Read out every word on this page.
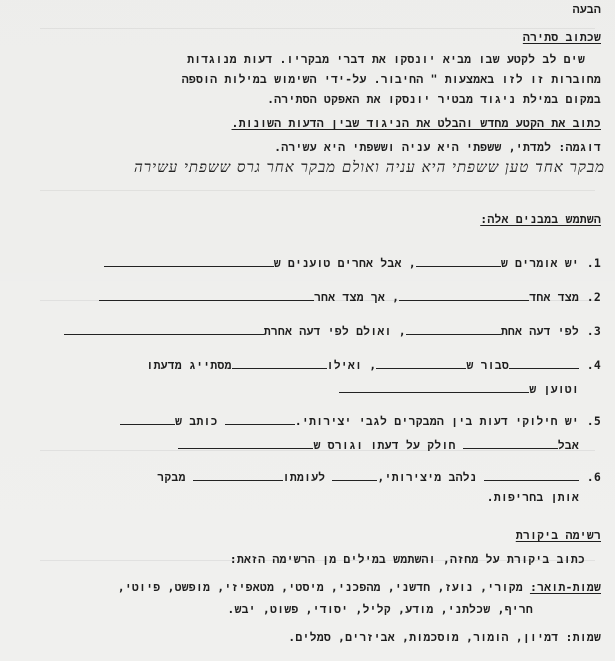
הבעה
שכתוב סתירה
שים לב לקטע שבו מביא יונסקו את דברי מבקריו. דעות מנוגדות
מחוברות זו לזו באמצעות " החיבור. על-ידי השימוש במילות הוספה
במקום במילת ניגוד מבטיר יונסקו את האפקט הסתירה.
כתוב את הקטע מחדש והבלט את הניגוד שבין הדעות השונות.
דוגמה: למדתי, ששפתי היא עניה וששפתי היא עשירה.
מבקר אחד טען ששפתי היא עניה ואולם מבקר אחר גרס ששפתי עשירה
השתמש במבנים אלה:
1.יש אומרים ש, אבל אחרים טוענים ש
2.מצד אחד, אך מצד אחר
3.לפי דעה אחת, ואולם לפי דעה אחרת
4.סבור ש, ואילומסתייג מדעתו
וטוען ש
5.יש חילוקי דעות בין המבקרים לגבי יצירותי. כותב ש
אבל חולק על דעתו וגורס ש
6. נלהב מיצירותי, לעומתו מבקר
אותן בחריפות.
רשימה ביקורת
כתוב ביקורת על מחזה, והשתמש במילים מן הרשימה הזאת:
שמות-תואר: מקורי, נועז, חדשני, מהפכני, מיסטי, מטאפיזי, מופשט, פיוטי,
חריף, שכלתני, מודע, קליל, יסודי, פשוט, יבש.
שמות: דמיון, הומור, מוסכמות, אביזרים, סמלים.
